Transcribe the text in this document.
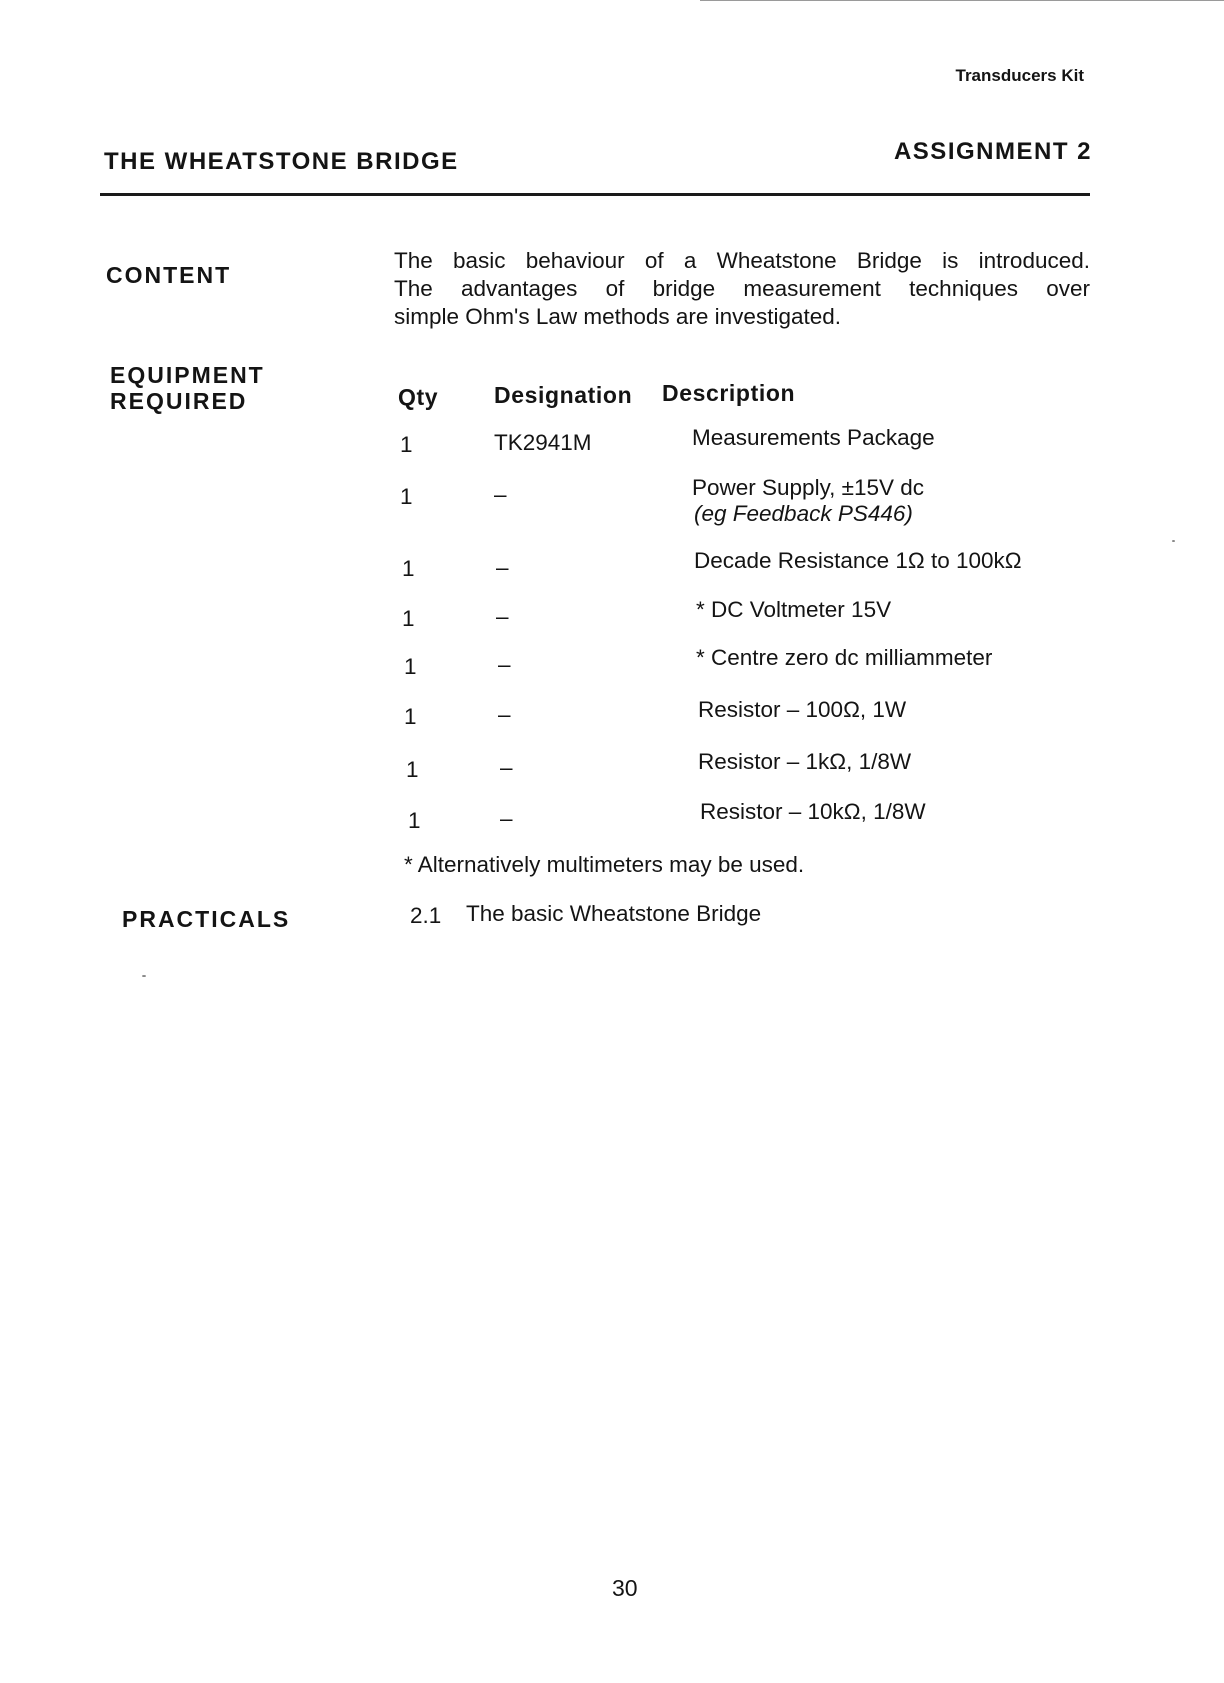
Transducers Kit
THE WHEATSTONE BRIDGE	ASSIGNMENT 2
CONTENT
The basic behaviour of a Wheatstone Bridge is introduced.
The advantages of bridge measurement techniques over
simple Ohm's Law methods are investigated.
EQUIPMENT
REQUIRED	Qty Designation Description
1	TK2941M	Measurements Package
1	–	Power Supply, ±15V dc
(eg Feedback PS446)
1	–	Decade Resistance 1Ω to 100kΩ
1	–	* DC Voltmeter 15V
1	–	* Centre zero dc milliammeter
1	–	Resistor – 100Ω, 1W
1	–	Resistor – 1kΩ, 1/8W
1	–	Resistor – 10kΩ, 1/8W
* Alternatively multimeters may be used.
PRACTICALS	2.1 The basic Wheatstone Bridge
30
